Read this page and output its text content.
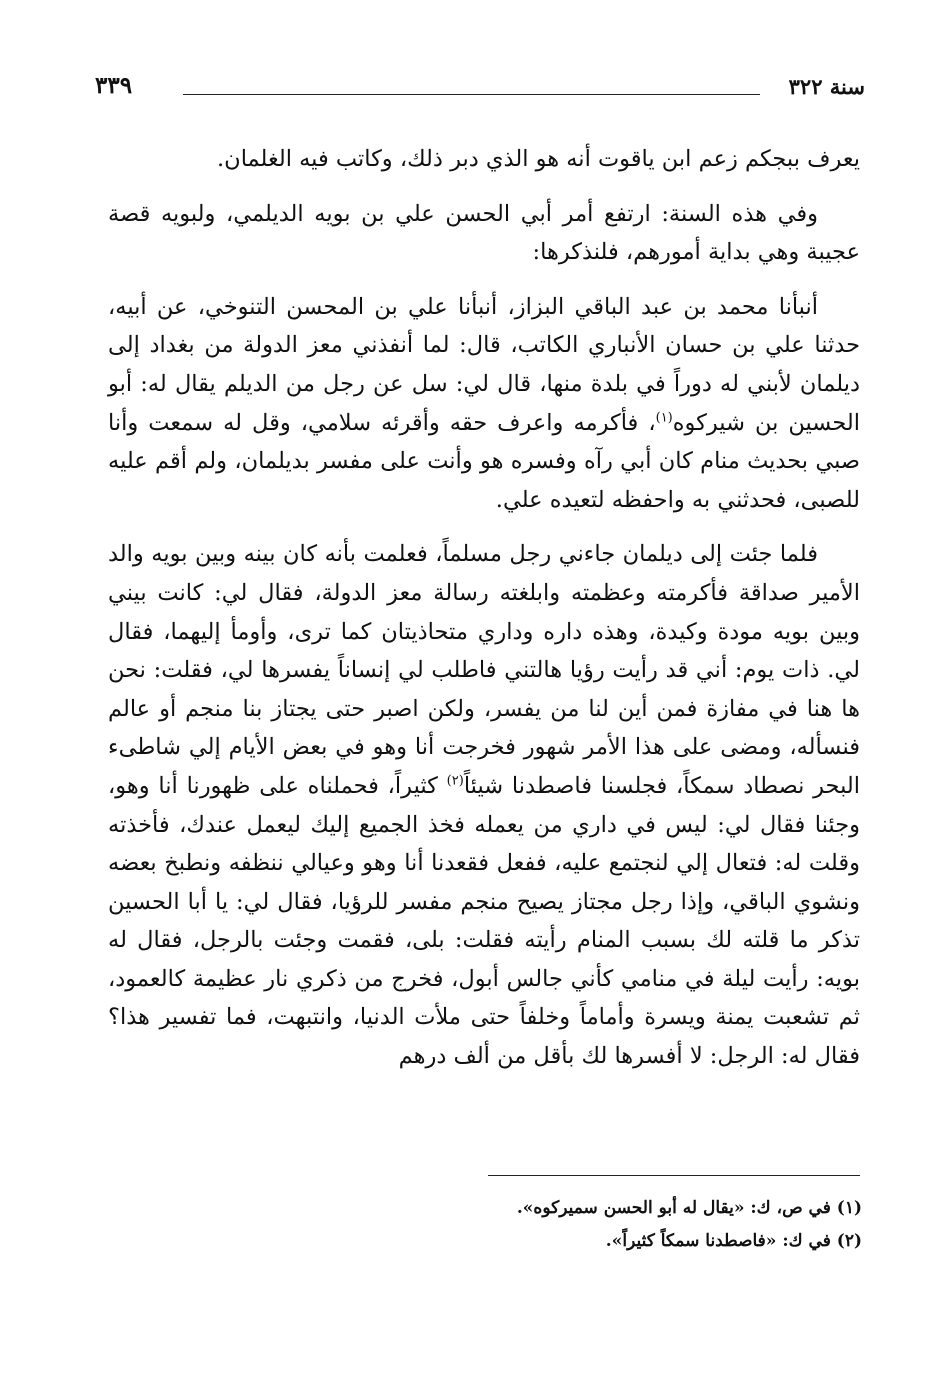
سنة ٣٢٢
٣٣٩

يعرف ببجكم زعم ابن ياقوت أنه هو الذي دبر ذلك، وكاتب فيه الغلمان.

وفي هذه السنة: ارتفع أمر أبي الحسن علي بن بويه الديلمي، ولبويه قصة عجيبة وهي بداية أمورهم، فلنذكرها:

أنبأنا محمد بن عبد الباقي البزاز، أنبأنا علي بن المحسن التنوخي، عن أبيه، حدثنا علي بن حسان الأنباري الكاتب، قال: لما أنفذني معز الدولة من بغداد إلى ديلمان لأبني له دوراً في بلدة منها، قال لي: سل عن رجل من الديلم يقال له: أبو الحسين بن شيركوه$^{(١)}$، فأكرمه واعرف حقه وأقرئه سلامي، وقل له سمعت وأنا صبي بحديث منام كان أبي رآه وفسره هو وأنت على مفسر بديلمان، ولم أقم عليه للصبى، فحدثني به واحفظه لتعيده علي.

فلما جئت إلى ديلمان جاءني رجل مسلماً، فعلمت بأنه كان بينه وبين بويه والد الأمير صداقة فأكرمته وعظمته وابلغته رسالة معز الدولة، فقال لي: كانت بيني وبين بويه مودة وكيدة، وهذه داره وداري متحاذيتان كما ترى، وأومأ إليهما، فقال لي. ذات يوم: أني قد رأيت رؤيا هالتني فاطلب لي إنساناً يفسرها لي، فقلت: نحن ها هنا في مفازة فمن أين لنا من يفسر، ولكن اصبر حتى يجتاز بنا منجم أو عالم فنسأله، ومضى على هذا الأمر شهور فخرجت أنا وهو في بعض الأيام إلي شاطىء البحر نصطاد سمكاً، فجلسنا فاصطدنا شيئاً$^{(٢)}$ كثيراً، فحملناه على ظهورنا أنا وهو، وجئنا فقال لي: ليس في داري من يعمله فخذ الجميع إليك ليعمل عندك، فأخذته وقلت له: فتعال إلي لنجتمع عليه، ففعل فقعدنا أنا وهو وعيالي ننظفه ونطبخ بعضه ونشوي الباقي، وإذا رجل مجتاز يصيح منجم مفسر للرؤيا، فقال لي: يا أبا الحسين تذكر ما قلته لك بسبب المنام رأيته فقلت: بلى، فقمت وجئت بالرجل، فقال له بويه: رأيت ليلة في منامي كأني جالس أبول، فخرج من ذكري نار عظيمة كالعمود، ثم تشعبت يمنة ويسرة وأماماً وخلفاً حتى ملأت الدنيا، وانتبهت، فما تفسير هذا؟ فقال له: الرجل: لا أفسرها لك بأقل من ألف درهم

(١) في ص، ك: «يقال له أبو الحسن سميركوه».

(٢) في ك: «فاصطدنا سمكاً كثيراً».
